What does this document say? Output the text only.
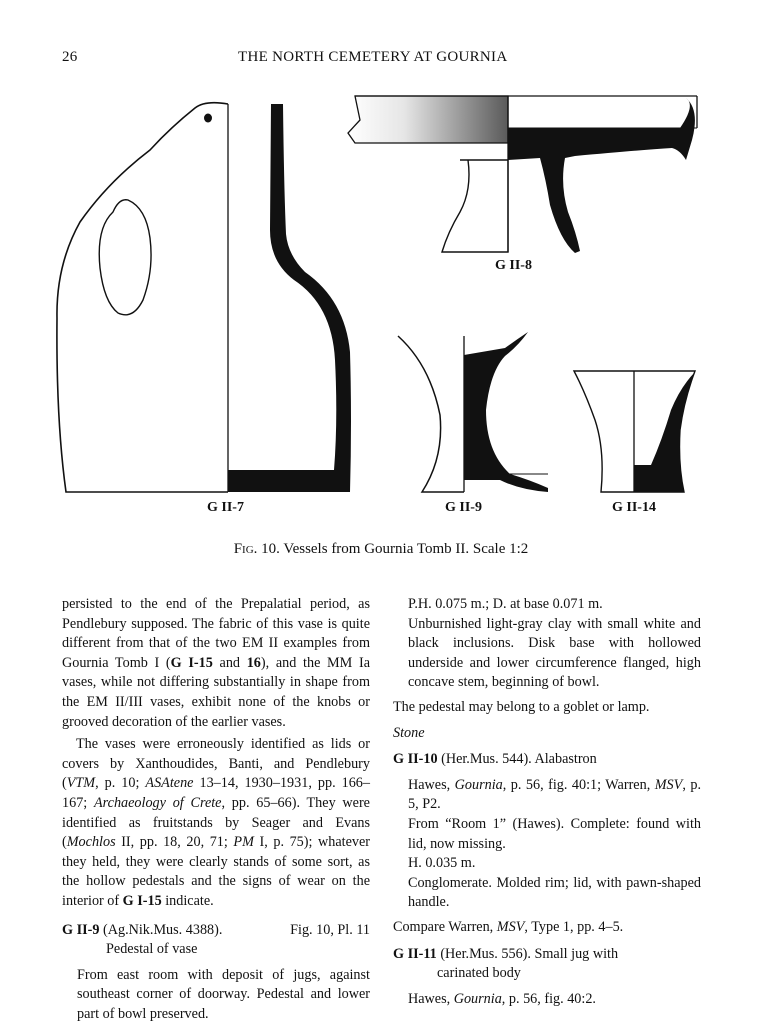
26	THE NORTH CEMETERY AT GOURNIA
G II-7
G II-8
G II-9	G II-14
Fig. 10. Vessels from Gournia Tomb II. Scale 1:2

persisted to the end of the Prepalatial period, as Pendlebury supposed. The fabric of this vase is quite different from that of the two EM II examples from Gournia Tomb I (G I-15 and 16), and the MM Ia vases, while not differing substantially in shape from the EM II/III vases, exhibit none of the knobs or grooved decoration of the earlier vases.

The vases were erroneously identified as lids or covers by Xanthoudides, Banti, and Pendlebury (VTM, p. 10; ASAtene 13–14, 1930–1931, pp. 166–167; Archaeology of Crete, pp. 65–66). They were identified as fruitstands by Seager and Evans (Mochlos II, pp. 18, 20, 71; PM I, p. 75); whatever they held, they were clearly stands of some sort, as the hollow pedestals and the signs of wear on the interior of G I-15 indicate.

G II-9 (Ag.Nik.Mus. 4388).	Fig. 10, Pl. 11
Pedestal of vase

From east room with deposit of jugs, against southeast corner of doorway. Pedestal and lower part of bowl preserved.

P.H. 0.075 m.; D. at base 0.071 m.

Unburnished light-gray clay with small white and black inclusions. Disk base with hollowed underside and lower circumference flanged, high concave stem, beginning of bowl.

The pedestal may belong to a goblet or lamp.

Stone

G II-10 (Her.Mus. 544). Alabastron

Hawes, Gournia, p. 56, fig. 40:1; Warren, MSV, p. 5, P2.

From “Room 1” (Hawes). Complete: found with lid, now missing.

H. 0.035 m.

Conglomerate. Molded rim; lid, with pawn-shaped handle.

Compare Warren, MSV, Type 1, pp. 4–5.

G II-11 (Her.Mus. 556). Small jug with
carinated body

Hawes, Gournia, p. 56, fig. 40:2.
